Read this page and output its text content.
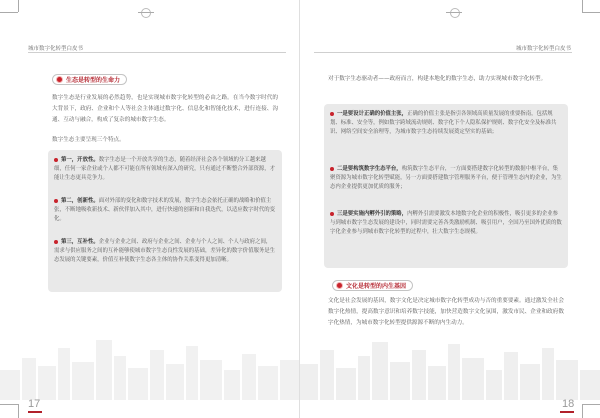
城市数字化转型白皮书
生态是转型的生命力
数字生态是行业发展的必然趋势，也是实现城市数字化转型的必由之路。在当今数字时代的大背景下，政府、企业和个人等社会主体通过数字化、信息化和智能化技术，进行连接、沟通、互动与融合，构成了复杂的城市数字生态。
数字生态主要呈现三个特点。
第一，开放性。数字生态是一个开放共享的生态，随着经济社会各个领域的分工越来越细，任何一家企业或个人都不可能在所有领域有深入的研究，只有通过不断整合外部资源，才能让生态更具竞争力。
第二，创新性。面对外部的变化和数字技术的发展，数字生态会依托正确的战略和价值主张，不断地吸收新技术、新伙伴加入其中，进行快速的创新和自我迭代，以适应数字时代的变化。
第三，互补性。企业与企业之间、政府与企业之间、企业与个人之间、个人与政府之间，需求与供应服务之间的互补能够使城市数字生态良性发展的基础，差异化的数字价值服务是生态发展的关键要素，价值互补使数字生态各主体的协作关系变得更加清晰。
17
城市数字化转型白皮书
对于数字生态驱动者——政府而言，构建本地化的数字生态，助力实现城市数字化转型。
一是要设计正确的价值主张，正确的价值主张是指引各领域高质量发展的重要指南，包括规划、标准、安全等，例如数字跨域流动规则、数字化下个人隐私保护规则、数字化安全及标准共识、网络空间安全治理等，为城市数字生态持续发展奠定坚实的基础；
二是要构筑数字生态平台，构筑数字生态平台，一方面要搭建数字化转型的数据中枢平台，集聚资源为城市数字化转型赋能，另一方面要搭建数字管理服务平台，便于管理生态内的企业，为生态内企业提供更加优质的服务；
三是要实施内孵外引的策略，内孵外引需要激发本地数字化企业的积极性，吸引更多的企业参与到城市数字生态发展的建设中，同时需要完善各类激励机制、吸引用户，全国乃至国外优质的数字化企业参与到城市数字化转型的过程中，壮大数字生态规模。
文化是转型的内生基因
文化是社会发展的基因，数字文化是决定城市数字化转型成功与否的重要要素。通过激发全社会数字化热情，提高数字意识和培养数字技能，加快营造数字文化氛围，激发市民、企业和政府数字化热情，为城市数字化转型提供源源不断的内生动力。
18
